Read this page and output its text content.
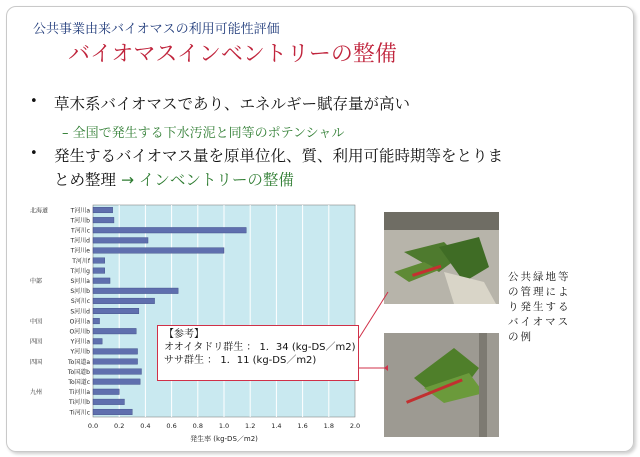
公共事業由来バイオマスの利用可能性評価
バイオマスインベントリーの整備
• 草木系バイオマスであり、エネルギー賦存量が高い
– 全国で発生する下水汚泥と同等のポテンシャル
• 発生するバイオマス量を原単位化、質、利用可能時期等をとりま
とめ整理 → インベントリーの整備
0.0 0.2 0.4 0.6 0.8 1.0 1.2 1.4 1.6 1.8 2.0
T河川a
北海道
T河川b
T河川c
T河川d
T河川e
T河川f
T河川g
S河川a
中部
S河川b
S河川c
S河川d
O河川a
中国
O河川b
Y河川a
四国
Y河川b
To国道a
四国
To国道b
To国道c
Ti河川a
九州
Ti河川b
Ti河川c
発生率 (kg-DS／m2)
公共緑地等の管理により発生するバイオマスの例
【参考】
オオイタドリ群生 ： 1．34 (kg-DS／m2)
ササ群生 ： 1．11 (kg-DS／m2)
